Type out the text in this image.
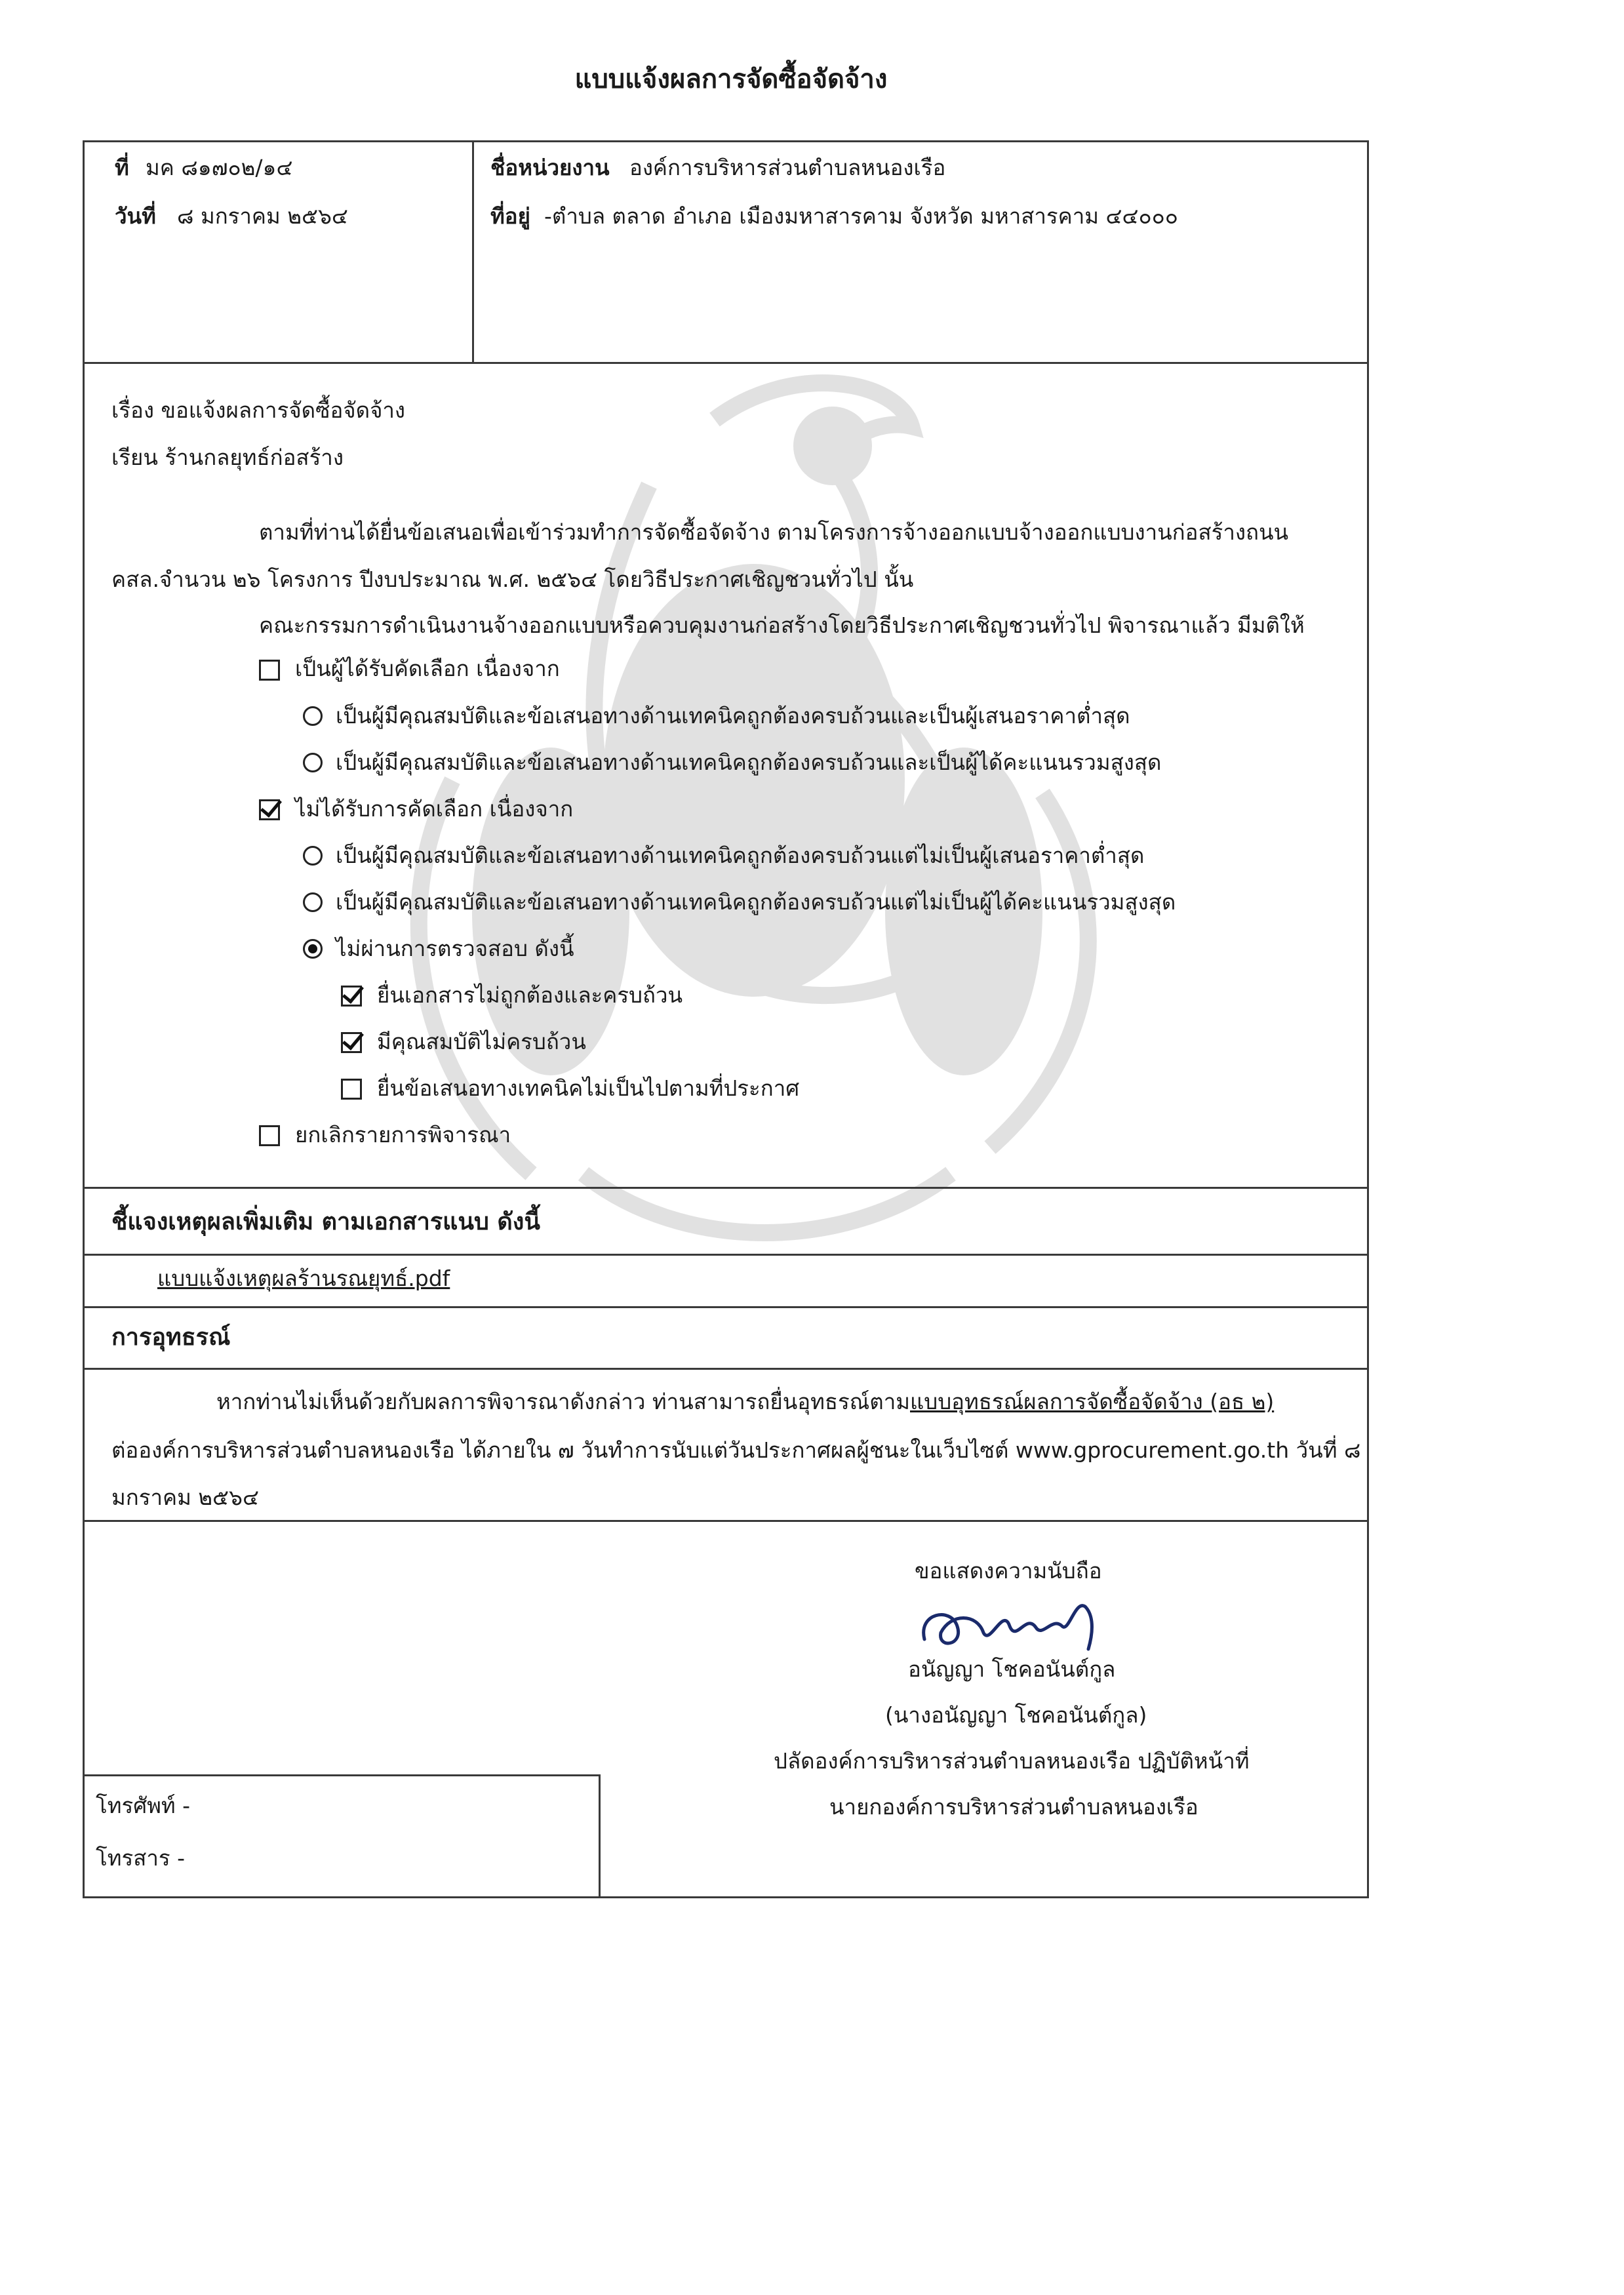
แบบแจ้งผลการจัดซื้อจัดจ้าง
ที่ มค ๘๑๗๐๒/๑๔
วันที่ ๘ มกราคม ๒๕๖๔
ชื่อหน่วยงาน องค์การบริหารส่วนตำบลหนองเรือ
ที่อยู่ -ตำบล ตลาด อำเภอ เมืองมหาสารคาม จังหวัด มหาสารคาม ๔๔๐๐๐
เรื่อง ขอแจ้งผลการจัดซื้อจัดจ้าง
เรียน ร้านกลยุทธ์ก่อสร้าง
ตามที่ท่านได้ยื่นข้อเสนอเพื่อเข้าร่วมทำการจัดซื้อจัดจ้าง ตามโครงการจ้างออกแบบจ้างออกแบบงานก่อสร้างถนน
คสล.จำนวน ๒๖ โครงการ ปีงบประมาณ พ.ศ. ๒๕๖๔ โดยวิธีประกาศเชิญชวนทั่วไป นั้น
คณะกรรมการดำเนินงานจ้างออกแบบหรือควบคุมงานก่อสร้างโดยวิธีประกาศเชิญชวนทั่วไป พิจารณาแล้ว มีมติให้
เป็นผู้ได้รับคัดเลือก เนื่องจาก
เป็นผู้มีคุณสมบัติและข้อเสนอทางด้านเทคนิคถูกต้องครบถ้วนและเป็นผู้เสนอราคาต่ำสุด
เป็นผู้มีคุณสมบัติและข้อเสนอทางด้านเทคนิคถูกต้องครบถ้วนและเป็นผู้ได้คะแนนรวมสูงสุด
ไม่ได้รับการคัดเลือก เนื่องจาก
เป็นผู้มีคุณสมบัติและข้อเสนอทางด้านเทคนิคถูกต้องครบถ้วนแต่ไม่เป็นผู้เสนอราคาต่ำสุด
เป็นผู้มีคุณสมบัติและข้อเสนอทางด้านเทคนิคถูกต้องครบถ้วนแต่ไม่เป็นผู้ได้คะแนนรวมสูงสุด
ไม่ผ่านการตรวจสอบ ดังนี้
ยื่นเอกสารไม่ถูกต้องและครบถ้วน
มีคุณสมบัติไม่ครบถ้วน
ยื่นข้อเสนอทางเทคนิคไม่เป็นไปตามที่ประกาศ
ยกเลิกรายการพิจารณา
ชี้แจงเหตุผลเพิ่มเติม ตามเอกสารแนบ ดังนี้
แบบแจ้งเหตุผลร้านรณยุทธ์.pdf
การอุทธรณ์
หากท่านไม่เห็นด้วยกับผลการพิจารณาดังกล่าว ท่านสามารถยื่นอุทธรณ์ตามแบบอุทธรณ์ผลการจัดซื้อจัดจ้าง (อธ ๒)
ต่อองค์การบริหารส่วนตำบลหนองเรือ ได้ภายใน ๗ วันทำการนับแต่วันประกาศผลผู้ชนะในเว็บไซต์ www.gprocurement.go.th วันที่ ๘
มกราคม ๒๕๖๔
ขอแสดงความนับถือ
อนัญญา โชคอนันต์กูล
(นางอนัญญา โชคอนันต์กูล)
ปลัดองค์การบริหารส่วนตำบลหนองเรือ ปฏิบัติหน้าที่
นายกองค์การบริหารส่วนตำบลหนองเรือ
โทรศัพท์ -
โทรสาร -
